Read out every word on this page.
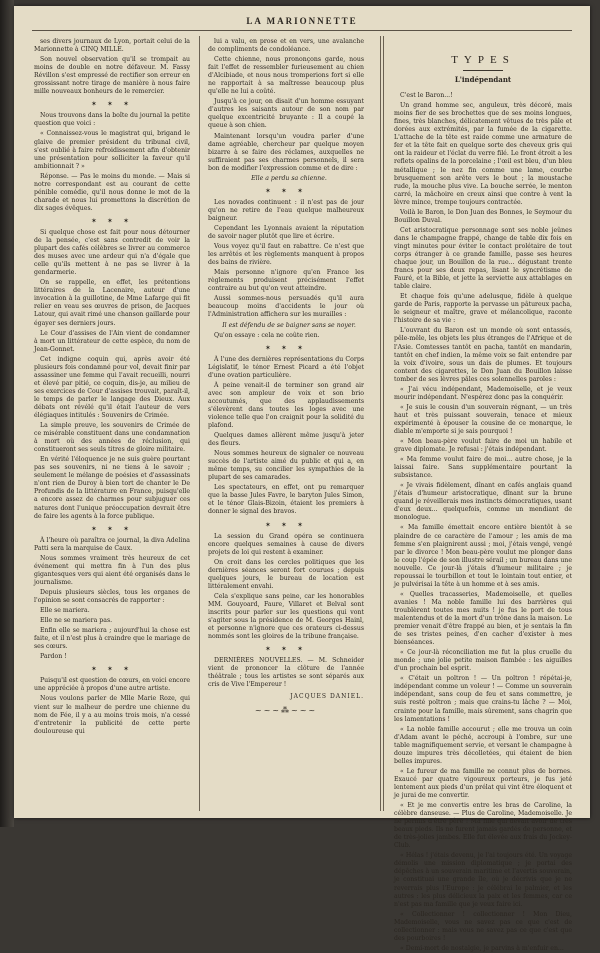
LA MARIONNETTE

ses divers journaux de Lyon, portait celui de la Marionnette à CINQ MILLE.

Son nouvel observation qu'il se trompait au moins de double en notre défaveur. M. Fassy Révillon s'est empressé de rectifier son erreur en grossissant notre tirage de manière à nous faire mille nouveaux bonheurs de le remercier.

✶ ✶ ✶

Nous trouvons dans la boîte du journal la petite question que voici :

« Connaissez-vous le magistrat qui, brigand le glaive de premier président du tribunal civil, s'est oublié à faire refroidissement afin d'obtenir une présentation pour solliciter la faveur qu'il ambitionnait ? »

Réponse. — Pas le moins du monde. — Mais si notre correspondant est au courant de cette pénible comédie, qu'il nous donne le mot de la charade et nous lui promettons la discrétion de dix sages évêques.

✶ ✶ ✶

Si quelque chose est fait pour nous détourner de la pensée, c'est sans contredit de voir la plupart des cafés célèbres se livrer au commerce des muses avec une ardeur qui n'a d'égale que celle qu'ils mettent à ne pas se livrer à la gendarmerie.

On se rappelle, en effet, les prétentions littéraires de la Lacenaire, auteur d'une invocation à la guillotine, de Mme Lafarge qui fit relier en veau ses œuvres de prison, de Jacques Latour, qui avait rimé une chanson gaillarde pour égayer ses derniers jours.

Le Cour d'assises de l'Ain vient de condamner à mort un littérateur de cette espèce, du nom de Jean-Gonnet.

Cet indigne coquin qui, après avoir été plusieurs fois condamné pour vol, devait finir par assassiner une femme qui l'avait recueilli, nourri et élevé par pitié, ce coquin, dis-je, au milieu de ses exercices de Cour d'assises trouvait, paraît-il, le temps de parler le langage des Dieux. Aux débats ont révélé qu'il était l'auteur de vers élégiaques intitulés : Souvenirs de Crimée.

La simple preuve, les souvenirs de Crimée de ce misérable constituent dans une condamnation à mort où des années de réclusion, qui constitueront ses seuls titres de gloire militaire.

En vérité l'éloquence je ne suis guère pourtant pas ses souvenirs, ni ne tiens à le savoir ; seulement le mélange de poésies et d'assassinats n'ont rien de Duroy à bien tort de chanter le De Profundis de la littérature en France, puisqu'elle a encore assez de charmes pour subjuguer ces natures dont l'unique préoccupation devrait être de faire les agents à la force publique.

✶ ✶ ✶

À l'heure où paraîtra ce journal, la diva Adelina Patti sera la marquise de Caux.

Nous sommes vraiment très heureux de cet événement qui mettra fin à l'un des plus gigantesques vers qui aient été organisés dans le journalisme.

Depuis plusieurs siècles, tous les organes de l'opinion se sont consacrés de rapporter :

Elle se mariera.

Elle ne se mariera pas.

Enfin elle se mariera ; aujourd'hui la chose est faite, et il n'est plus à craindre que le mariage de ses cœurs.

Pardon !

✶ ✶ ✶

Puisqu'il est question de cœurs, en voici encore une appréciée à propos d'une autre artiste.

Nous voulons parler de Mlle Marie Roze, qui vient sur le malheur de perdre une chienne du nom de Fée, il y a au moins trois mois, n'a cessé d'entretenir la publicité de cette perte douloureuse qui

lui a valu, en prose et en vers, une avalanche de compliments de condoléance.

Cette chienne, nous prononçons garde, nous fait l'effet de ressembler furieusement au chien d'Alcibiade, et nous nous tromperions fort si elle ne rapportait à sa maîtresse beaucoup plus qu'elle ne lui a coûté.

Jusqu'à ce jour, on disait d'un homme essuyant d'autres les saisants autour de son nom par quelque excentricité bruyante : Il a coupé la queue à son chien.

Maintenant lorsqu'un voudra parler d'une dame agréable, chercheur par quelque moyen bizarre à se faire des réclames, auxquelles ne suffiraient pas ses charmes personnels, il sera bon de modifier l'expression comme et de dire :

Elle a perdu sa chienne.

✶ ✶ ✶

Les novades continuent : il n'est pas de jour qu'on ne retire de l'eau quelque malheureux baigneur.

Cependant les Lyonnais avaient la réputation de savoir nager plutôt que lire et écrire.

Vous voyez qu'il faut en rabattre. Ce n'est que les arrêtés et les règlements manquent à propos des bains de rivière.

Mais personne n'ignore qu'en France les règlements produisent précisément l'effet contraire au but qu'on veut atteindre.

Aussi sommes-nous persuadés qu'il aura beaucoup moins d'accidents le jour où l'Administration affichera sur les murailles :

Il est défendu de se baigner sans se noyer.

Qu'on essaye : cela ne coûte rien.

✶ ✶ ✶

À l'une des dernières représentations du Corps Législatif, le ténor Ernest Picard a été l'objet d'une ovation particulière.

À peine venait-il de terminer son grand air avec son ampleur de voix et son brio accoutumés, que des applaudissements s'élevèrent dans toutes les loges avec une violence telle que l'on craignit pour la solidité du plafond.

Quelques dames allèrent même jusqu'à jeter des fleurs.

Nous sommes heureux de signaler ce nouveau succès de l'artiste aimé du public et qui a, en même temps, su concilier les sympathies de la plupart de ses camarades.

Les spectateurs, en effet, ont pu remarquer que la basse Jules Favre, le baryton Jules Simon, et le ténor Glais-Bizoin, étaient les premiers à donner le signal des bravos.

✶ ✶ ✶

La session du Grand opéra se continuera encore quelques semaines à cause de divers projets de loi qui restent à examiner.

On croit dans les cercles politiques que les dernières séances seront fort courues ; depuis quelques jours, le bureau de location est littéralement envahi.

Cela s'explique sans peine, car les honorables MM. Gouyoard, Faure, Villaret et Belval sont inscrits pour parler sur les questions qui vont s'agiter sous la présidence de M. Georges Hainl, et personne n'ignore que ces orateurs ci-dessus nommés sont les gloires de la tribune française.

✶ ✶ ✶

DERNIÈRES NOUVELLES. — M. Schneider vient de prononcer la clôture de l'année théâtrale ; tous les artistes se sont séparés aux cris de Vive l'Empereur !

JACQUES DANIEL.
~~~⁂~~~
TYPES
L'indépendant

C'est le Baron...!

Un grand homme sec, anguleux, très décoré, mais moins fier de ses brochettes que de ses moins longues, fines, très blanches, délicatement vêtues de très pâle et dorées aux extrémités, par la fumée de la cigarette. L'attache de la tête est raide comme une armature de fer et la tête fait en quelque sorte des cheveux gris qui ont la raideur et l'éclat du verre filé. Le front étroit a les reflets opalins de la porcelaine ; l'œil est bleu, d'un bleu métallique ; le nez fin comme une lame, courbe brusquement son arête vers le bout ; la moustache rude, la mouche plus vive. La bouche serrée, le menton carré, la mâchoire en creux ainsi que contre à vent la lèvre mince, trempe toujours contractée.

Voilà le Baron, le Don Juan des Bonnes, le Seymour du Bouillon Duval.

Cet aristocratique personnage sont ses noble jeûnes dans le champagne frappé, change de table dix fois en vingt minutes pour éviter le contact prolétaire de tout corps étranger à ce grande famille, passe ses heures chaque jour, un Bouillon de la rue... dégustant trente francs pour ses deux repas, lisant le syncrétisme de Fauré, et la Bible, et jette la serviette aux attablages en table claire.

Et chaque fois qu'une adelusque, fidèle à quelque garde de Paris, rapporte la pervasse un pâtureux pacha, le seigneur et maître, grave et mélancolique, raconte l'histoire de sa vie :

L'ouvrant du Baron est un monde où sont entassés, pêle-mêle, les objets les plus étranges de l'Afrique et de l'Asie. Comtesses tantôt en pacha, tantôt en mandarin, tantôt en chef indien, la même voix se fait entendre par la voix d'ivoire, sous un dais de plumes. Et toujours content des cigarettes, le Don Juan du Bouillon laisse tomber de ses lèvres pâles ces solennelles paroles :

« J'ai vécu indépendant, Mademoiselle, et je veux mourir indépendant. N'espérez donc pas la conquérir.

« Je suis le cousin d'un souverain régnant, — un très haut et très puissant souverain, tenace et mieux expérimenté à épouser la cousine de ce monarque, le diable m'emporte si je sais pourquoi !

« Mon beau-père voulut faire de moi un habile et grave diplomate. Je refusai : j'étais indépendant.

« Ma femme voulut faire de moi... autre chose, je la laissai faire. Sans supplémentaire pourtant la subsistance.

« Je vivais fidèlement, dînant en cafés anglais quand j'étais d'humeur aristocratique, dînant sur la brune quand je réveillerais mes instincts démocratiques, usant d'eux deux... quelquefois, comme un mendiant de monologue.

« Ma famille émettait encore entière bientôt à se plaindre de ce caractère de l'amour ; les amis de ma femme s'en plaignirent aussi ; moi, j'étais vengé, vengé par le divorce ! Mon beau-père voulut me plonger dans le coup l'épée de son illustre sérail ; un bureau dans une nouvelle. Ce jour-là j'étais d'humeur militaire ; je repoussai le tourbillon et tout le lointain tout entier, et je pulvérisai la tête à un homme et à ses amis.

« Quelles tracasseries, Mademoiselle, et quelles avanies ! Ma noble famille lui des barrières qui troublèrent toutes mes nuits ! je fus le port de tous malentendus et de la mort d'un trône dans la maison. Le premier venait d'être frappé au bien, et je sentais la fin de ses tristes peines, d'en cacher d'exister à mes bienséances.

« Ce jour-là réconciliation me fut la plus cruelle du monde ; une jolie petite maison flambée : les aiguilles d'un prochain bel esprit.

« C'était un poltron ! — Un poltron ! répétai-je, indépendant comme un voleur ! — Comme un souverain indépendant, sans coup de feu et sans commettre, je suis resté poltron ; mais que crains-tu lâche ? — Moi, crainte pour la famille, mais sûrement, sans chagrin que les lamentations !

« La noble famille accourut ; elle me trouva un coin d'Adam avant le péché, accroupi à l'ombre, sur une table magnifiquement servie, et versant le champagne à douze impures très décolletées, qui étaient de bien belles impures.

« Le fureur de ma famille ne connut plus de bornes. Exaucé par quatre vigoureux porteurs, je fus jeté lentement aux pieds d'un prélat qui vint être éloquent et je jurai de me convertir.

« Et je me convertis entre les bras de Caroline, la célèbre danseuse. — Plus de Caroline, Mademoiselle. Je ne permis d'être père ! Ma fille qui devait avoir de très beaux pieds. Ils ne furent jamais gardés de personne, et de très-jolies jambes. Elle fut élevée aux frais du Jockey-Club.

« Hélas ! j'étais devenu, je l'ai toujours été. Un voyage démolis une mission diplomatique ; je portai des dépêches à un souverain maritime et l'avertis souverain, je constituai une grande île, où je décrivis que je ne reverrais plus l'Europe : je célébrai le palmier, et les autres : les plus délicieux la paix et les femmes, car ce n'est pas ma famille que je veux faire ici.

« Collectionner ! collectionner ! Mon Dieu, Mademoiselle, vous ne savez pas ce que c'est de collectionner : mais vous ne savez pas ce que c'est que des pourboires !

« Demi-mort de nostalgie, je parvins à m'enfuir en...
